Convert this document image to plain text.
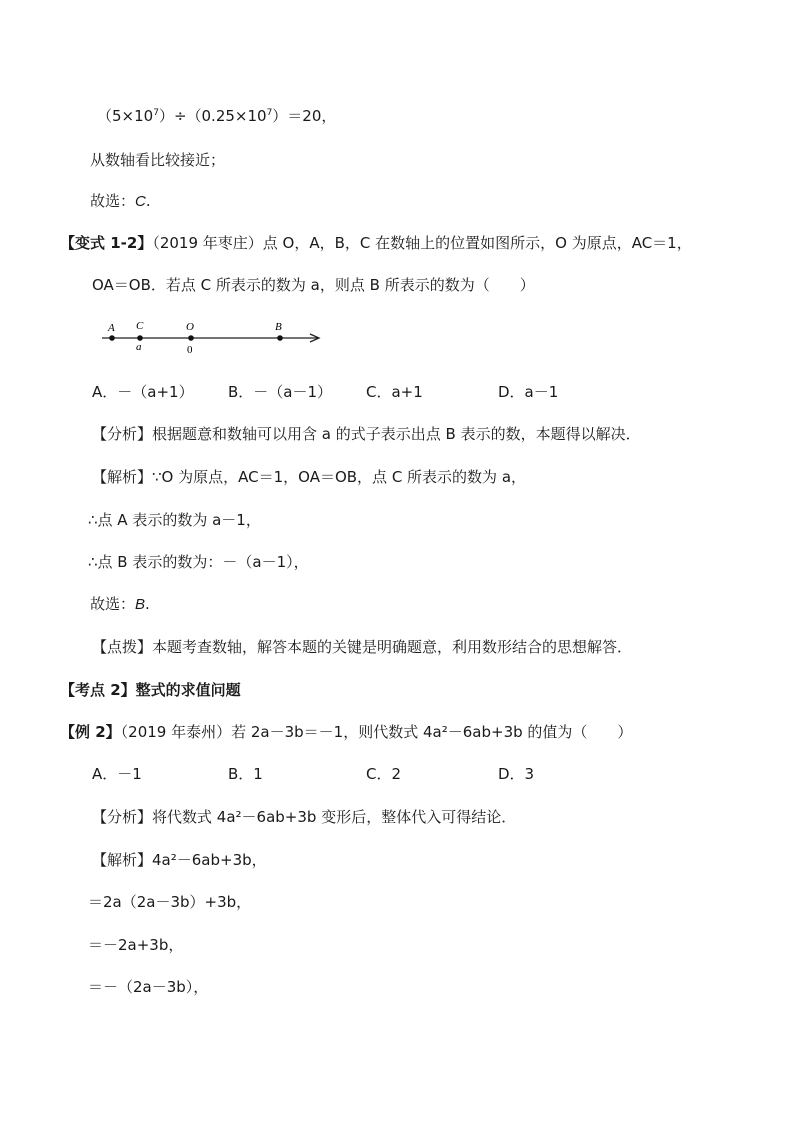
$(5\times 10^7)\div(0.25\times 10^7)=20$，
从数轴看比较接近；
故选：C.
【变式 1-2】（2019 年枣庄）点 O，A，B，C 在数轴上的位置如图所示，O 为原点，AC＝1，
OA＝OB．若点 C 所表示的数为 a，则点 B 所表示的数为（　　）
A C	O	B
a	0
A．－（a+1） B．－（a－1） C．a+1	D．a－1
【分析】根据题意和数轴可以用含 a 的式子表示出点 B 表示的数，本题得以解决．
【解析】∵O 为原点，AC＝1，OA＝OB，点 C 所表示的数为 a，
∴点 A 表示的数为 a－1，
∴点 B 表示的数为：－（a－1），
故选：B.
【点拨】本题考查数轴，解答本题的关键是明确题意，利用数形结合的思想解答．
【考点 2】整式的求值问题
【例 2】（2019 年泰州）若 2a－3b＝－1，则代数式 4a²－6ab+3b 的值为（　　）
A．－1	B．1	C．2	D．3
【分析】将代数式 4a²－6ab+3b 变形后，整体代入可得结论．
【解析】4a²－6ab+3b，
＝2a（2a－3b）+3b，
＝－2a+3b，
＝－（2a－3b），
